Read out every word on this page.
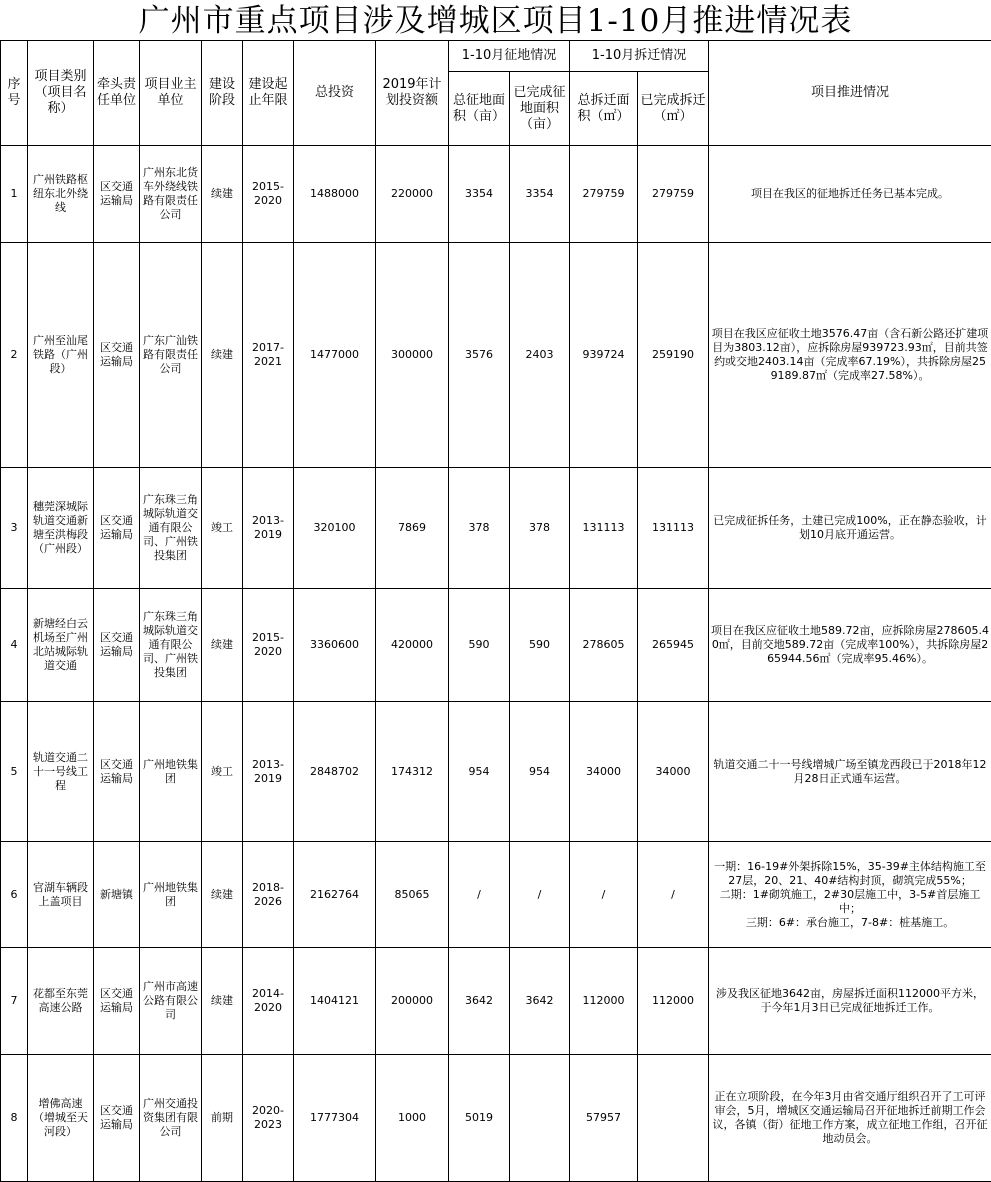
广州市重点项目涉及增城区项目1-10月推进情况表
序号	项目类别（项目名称）	牵头责任单位	项目业主单位	建设阶段	建设起止年限	总投资	2019年计划投资额	1-10月征地情况		1-10月拆迁情况		项目推进情况
								总征地面积（亩）	已完成征地面积（亩）	总拆迁面积（㎡）	已完成拆迁（㎡）	
1	广州铁路枢纽东北外绕线	区交通运输局	广州东北货车外绕线铁路有限责任公司	续建	2015-2020	1488000	220000	3354	3354	279759	279759	项目在我区的征地拆迁任务已基本完成。

2	广州至汕尾铁路（广州段）	区交通运输局	广东广汕铁路有限责任公司	续建	2017-2021	1477000	300000	3576	2403	939724	259190	项目在我区应征收土地3576.47亩（含石新公路还扩建项目为3803.12亩），应拆除房屋939723.93㎡，目前共签约或交地2403.14亩（完成率67.19%），共拆除房屋259189.87㎡（完成率27.58%）。

3	穗莞深城际轨道交通新塘至洪梅段（广州段）	区交通运输局	广东珠三角城际轨道交通有限公司、广州铁投集团	竣工	2013-2019	320100	7869	378	378	131113	131113	已完成征拆任务，土建已完成100%，正在静态验收，计划10月底开通运营。

4	新塘经白云机场至广州北站城际轨道交通	区交通运输局	广东珠三角城际轨道交通有限公司、广州铁投集团	续建	2015-2020	3360600	420000	590	590	278605	265945	项目在我区应征收土地589.72亩，应拆除房屋278605.40㎡，目前交地589.72亩（完成率100%），共拆除房屋265944.56㎡（完成率95.46%）。

5	轨道交通二十一号线工程	区交通运输局	广州地铁集团	竣工	2013-2019	2848702	174312	954	954	34000	34000	轨道交通二十一号线增城广场至镇龙西段已于2018年12月28日正式通车运营。

6	官湖车辆段上盖项目	新塘镇	广州地铁集团	续建	2018-2026	2162764	85065	/	/	/	/	一期：16-19#外架拆除15%，35-39#主体结构施工至27层，20、21、40#结构封顶，砌筑完成55%；
二期：1#砌筑施工，2#30层施工中，3-5#首层施工中；
三期：6#：承台施工，7-8#：桩基施工。

7	花都至东莞高速公路	区交通运输局	广州市高速公路有限公司	续建	2014-2020	1404121	200000	3642	3642	112000	112000	涉及我区征地3642亩，房屋拆迁面积112000平方米，于今年1月3日已完成征地拆迁工作。

8	增佛高速（增城至天河段）	区交通运输局	广州交通投资集团有限公司	前期	2020-2023	1777304	1000	5019		57957		正在立项阶段，在今年3月由省交通厅组织召开了工可评审会，5月，增城区交通运输局召开征地拆迁前期工作会议，各镇（街）征地工作方案，成立征地工作组，召开征地动员会。
